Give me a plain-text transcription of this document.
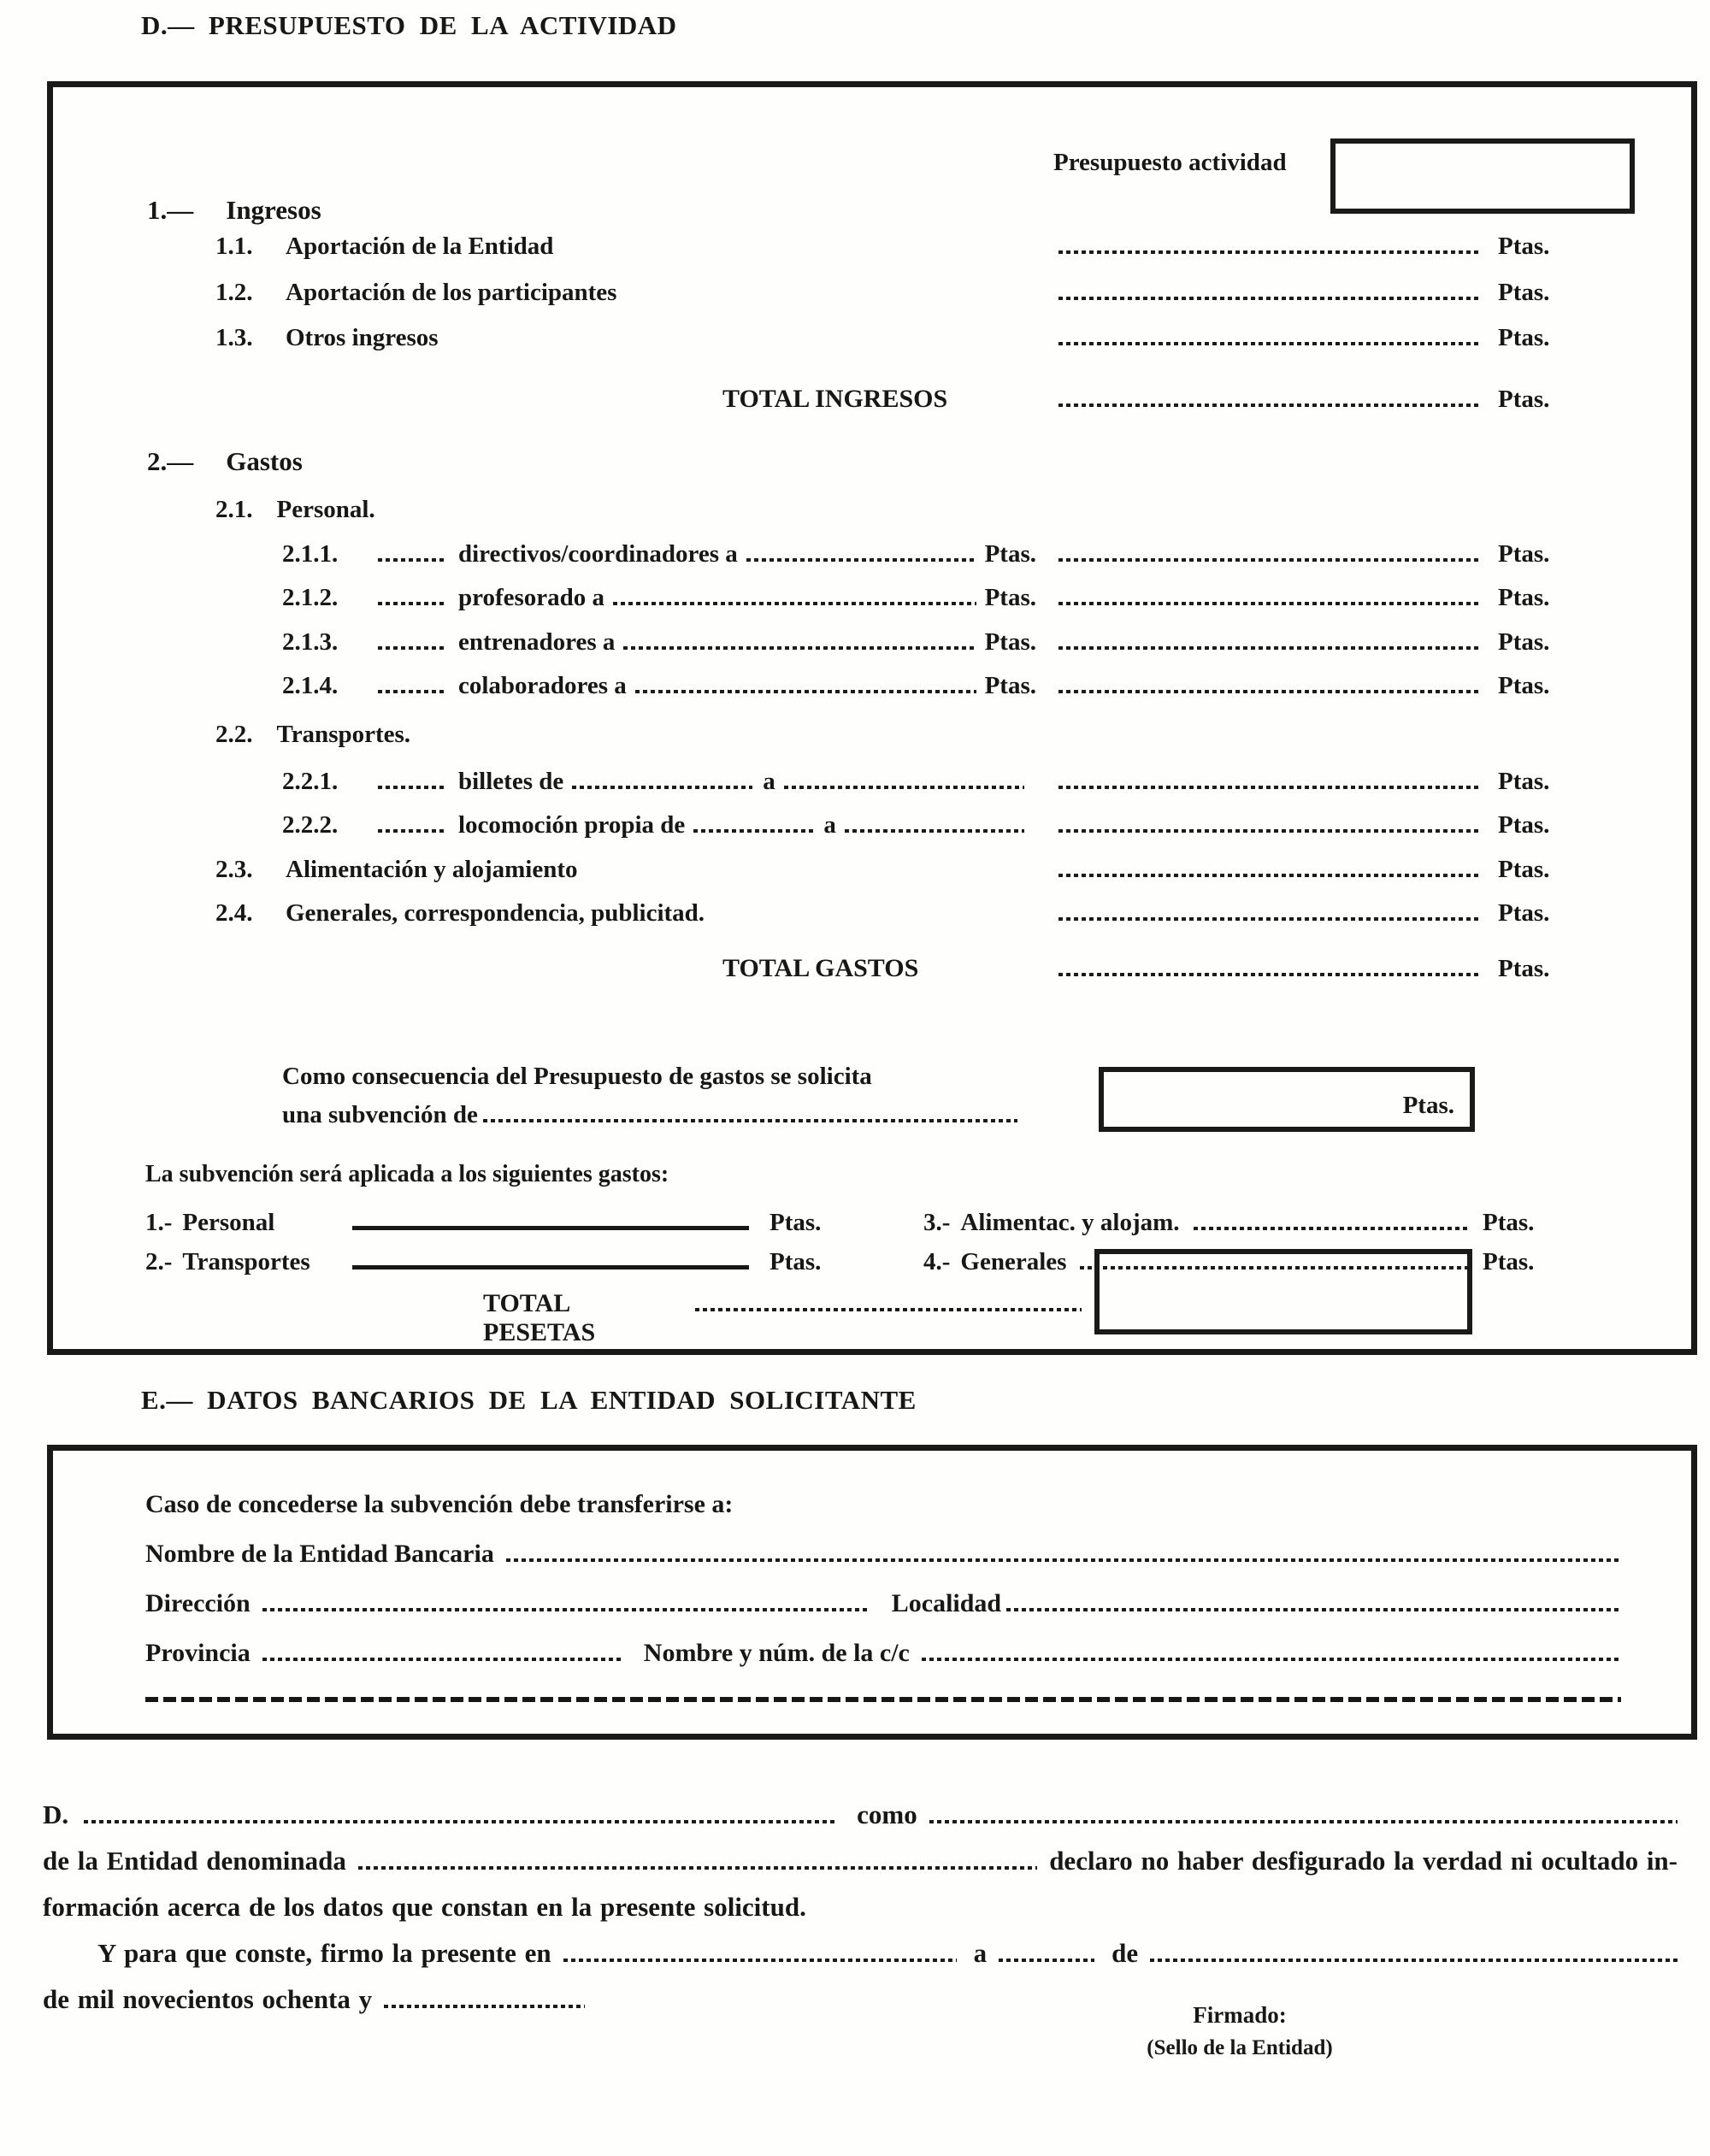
D.— PRESUPUESTO DE LA ACTIVIDAD
Presupuesto actividad
1.— Ingresos
1.1.	Aportación de la Entidad	Ptas.
1.2.	Aportación de los participantes	Ptas.
1.3.	Otros ingresos	Ptas.
TOTAL INGRESOS	Ptas.
2.— Gastos
2.1. Personal.
2.1.1.	directivos/coordinadores a	Ptas.	Ptas.
2.1.2.	profesorado a	Ptas.	Ptas.
2.1.3.	entrenadores a	Ptas.	Ptas.
2.1.4.	colaboradores a	Ptas.	Ptas.
2.2. Transportes.
2.2.1.	billetes de	a	Ptas.
2.2.2.	locomoción propia de	a	Ptas.
2.3.	Alimentación y alojamiento	Ptas.
2.4.	Generales, correspondencia, publicitad.	Ptas.
TOTAL GASTOS	Ptas.
Como consecuencia del Presupuesto de gastos se solicita
una subvención de	Ptas.
La subvención será aplicada a los siguientes gastos:
1.- Personal	Ptas.	3.- Alimentac. y alojam.	Ptas.
2.- Transportes	Ptas.	4.- Generales	Ptas.
TOTAL PESETAS
E.— DATOS BANCARIOS DE LA ENTIDAD SOLICITANTE
Caso de concederse la subvención debe transferirse a:
Nombre de la Entidad Bancaria
Dirección	Localidad
Provincia	Nombre y núm. de la c/c
D.	como
de la Entidad denominada	declaro no haber desfigurado la verdad ni ocultado in-
formación acerca de los datos que constan en la presente solicitud.
Y para que conste, firmo la presente en	a	de
de mil novecientos ochenta y
Firmado:
(Sello de la Entidad)
